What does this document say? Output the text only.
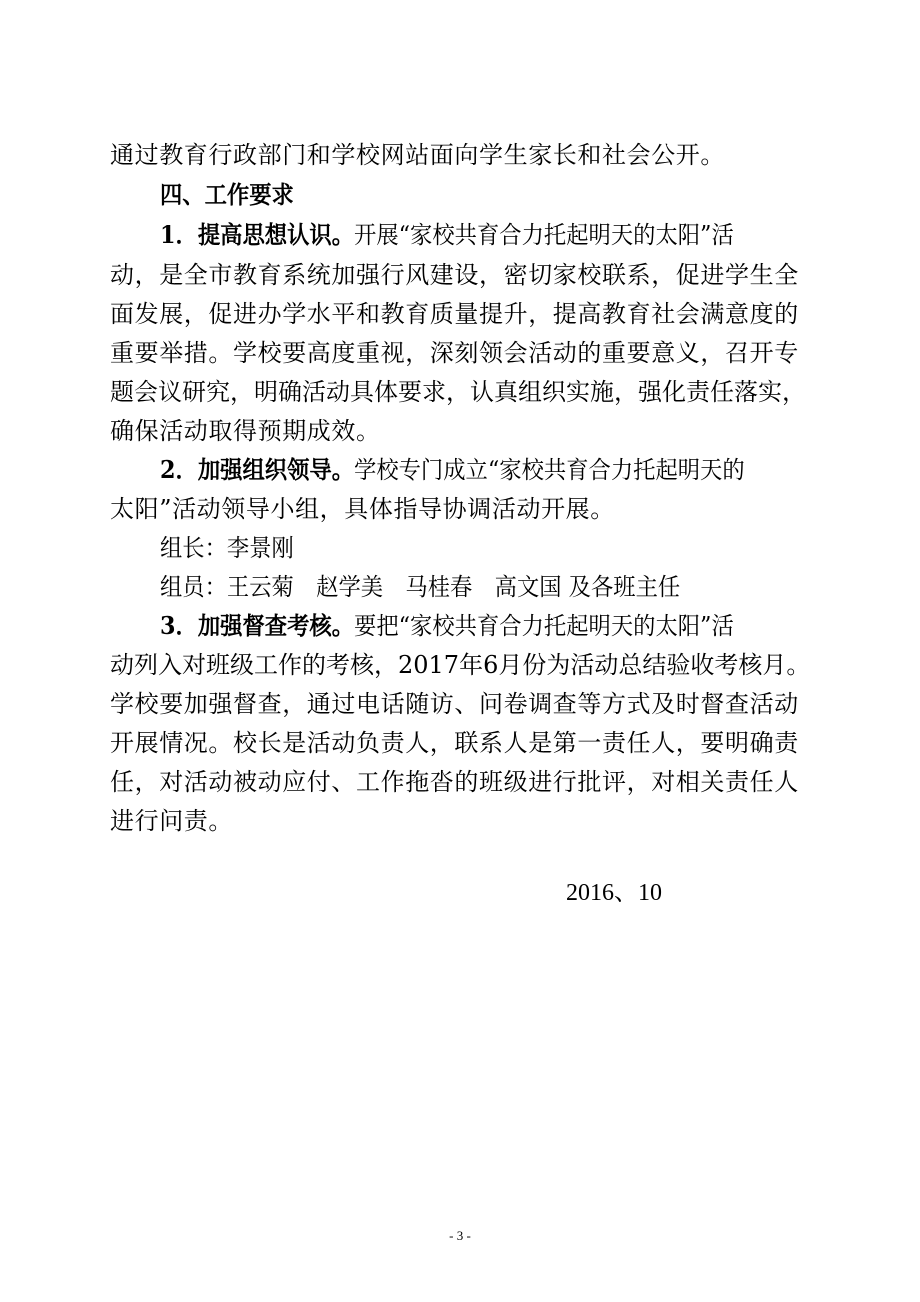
通过教育行政部门和学校网站面向学生家长和社会公开。
四、工作要求
1．提高思想认识。开展“家校共育合力托起明天的太阳”活
动，是全市教育系统加强行风建设，密切家校联系，促进学生全
面发展，促进办学水平和教育质量提升，提高教育社会满意度的
重要举措。学校要高度重视，深刻领会活动的重要意义，召开专
题会议研究，明确活动具体要求，认真组织实施，强化责任落实，
确保活动取得预期成效。
2．加强组织领导。学校专门成立“家校共育合力托起明天的
太阳”活动领导小组，具体指导协调活动开展。
组长：李景刚
组员：王云菊　赵学美　马桂春　高文国 及各班主任
3．加强督查考核。要把“家校共育合力托起明天的太阳”活
动列入对班级工作的考核，2017年6月份为活动总结验收考核月。
学校要加强督查，通过电话随访、问卷调查等方式及时督查活动
开展情况。校长是活动负责人，联系人是第一责任人，要明确责
任，对活动被动应付、工作拖沓的班级进行批评，对相关责任人
进行问责。
2016、10
- 3 -
